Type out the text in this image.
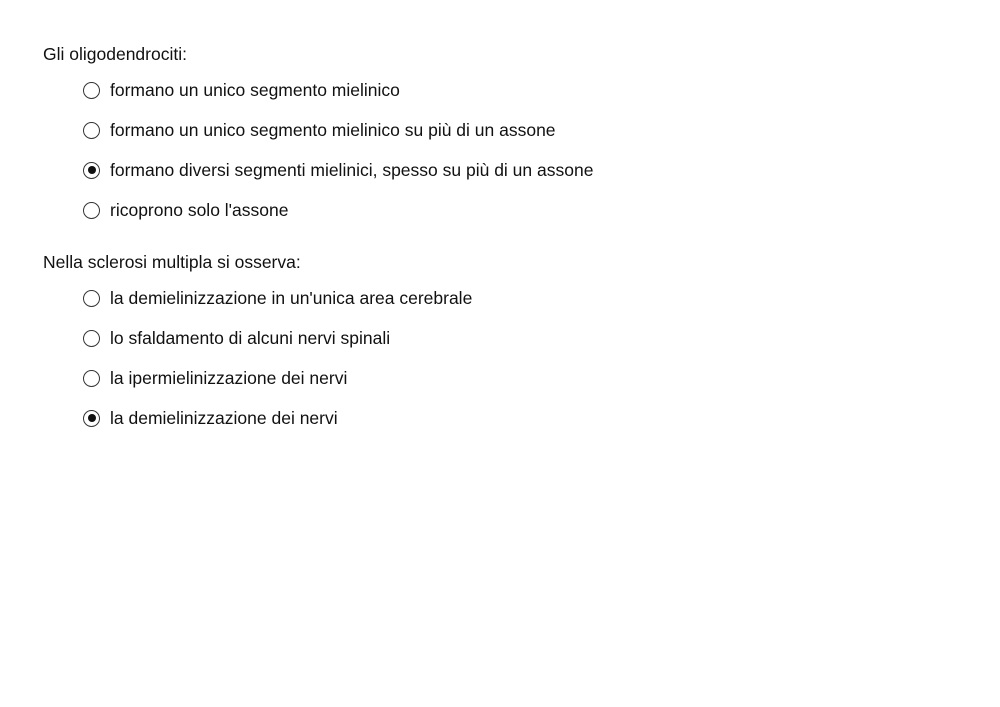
Gli oligodendrociti:
formano un unico segmento mielinico
formano un unico segmento mielinico su più di un assone
formano diversi segmenti mielinici, spesso su più di un assone
ricoprono solo l'assone
Nella sclerosi multipla si osserva:
la demielinizzazione in un'unica area cerebrale
lo sfaldamento di alcuni nervi spinali
la ipermielinizzazione dei nervi
la demielinizzazione dei nervi
